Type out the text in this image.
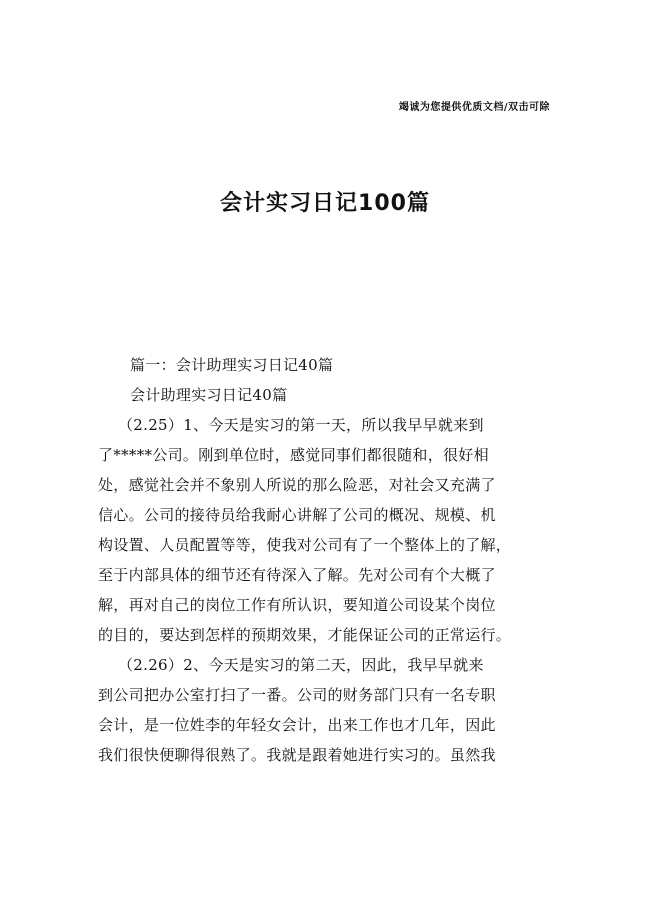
竭诚为您提供优质文档/双击可除
会计实习日记100篇

篇一：会计助理实习日记40篇

会计助理实习日记40篇

（2.25）1、今天是实习的第一天，所以我早早就来到

了*****公司。刚到单位时，感觉同事们都很随和，很好相

处，感觉社会并不象别人所说的那么险恶，对社会又充满了

信心。公司的接待员给我耐心讲解了公司的概况、规模、机

构设置、人员配置等等，使我对公司有了一个整体上的了解，

至于内部具体的细节还有待深入了解。先对公司有个大概了

解，再对自己的岗位工作有所认识，要知道公司设某个岗位

的目的，要达到怎样的预期效果，才能保证公司的正常运行。

（2.26）2、今天是实习的第二天，因此，我早早就来

到公司把办公室打扫了一番。公司的财务部门只有一名专职

会计，是一位姓李的年轻女会计，出来工作也才几年，因此

我们很快便聊得很熟了。我就是跟着她进行实习的。虽然我
